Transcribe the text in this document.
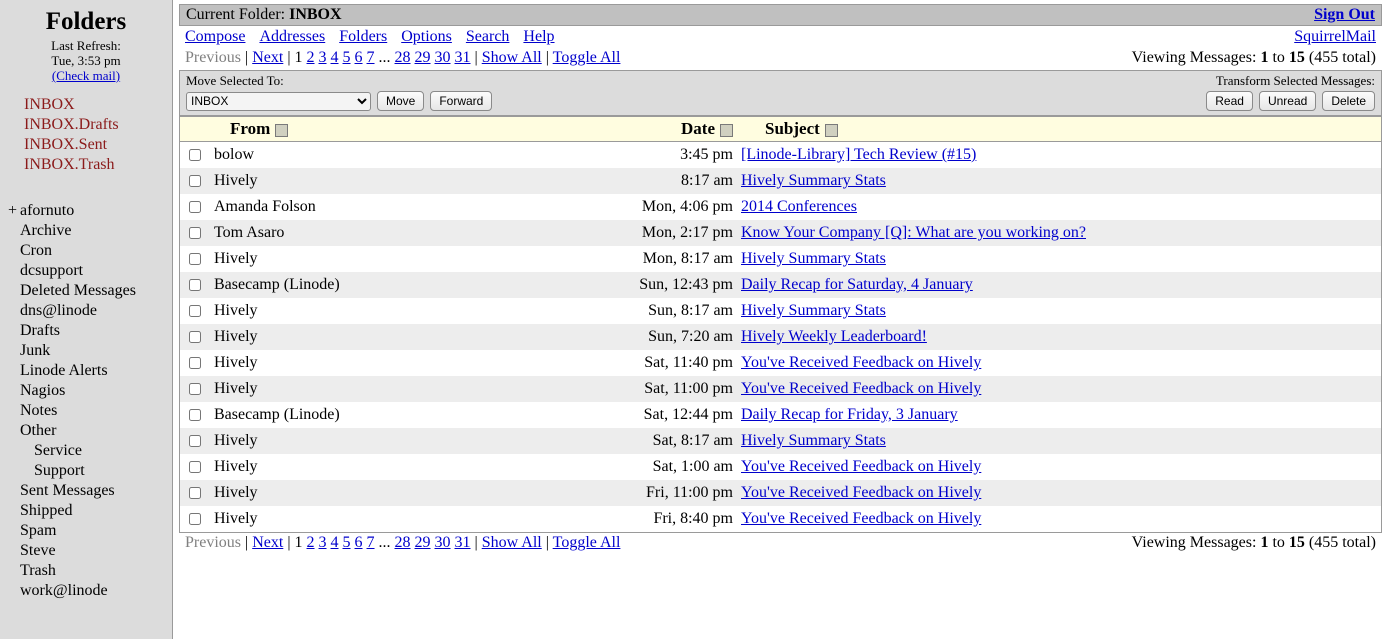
Folders
Last Refresh:
Tue, 3:53 pm
(Check mail)
INBOX
INBOX.Drafts
INBOX.Sent
INBOX.Trash
+ afornuto
Archive
Cron
dcsupport
Deleted Messages
dns@linode
Drafts
Junk
Linode Alerts
Nagios
Notes
Other
Service
Support
Sent Messages
Shipped
Spam
Steve
Trash
work@linode
Current Folder: INBOX	Sign Out
Compose Addresses Folders Options Search Help	SquirrelMail
Previous | Next | 1 2 3 4 5 6 7 ... 28 29 30 31 | Show All | Toggle All	Viewing Messages: 1 to 15 (455 total)
Move Selected To:
INBOX
Move	Forward
Transform Selected Messages:
Read	Unread	Delete
	From	Date	Subject
	bolow	3:45 pm	[Linode-Library] Tech Review (#15)
	Hively	8:17 am	Hively Summary Stats
	Amanda Folson	Mon, 4:06 pm	2014 Conferences
	Tom Asaro	Mon, 2:17 pm	Know Your Company [Q]: What are you working on?
	Hively	Mon, 8:17 am	Hively Summary Stats
	Basecamp (Linode)	Sun, 12:43 pm	Daily Recap for Saturday, 4 January
	Hively	Sun, 8:17 am	Hively Summary Stats
	Hively	Sun, 7:20 am	Hively Weekly Leaderboard!
	Hively	Sat, 11:40 pm	You've Received Feedback on Hively
	Hively	Sat, 11:00 pm	You've Received Feedback on Hively
	Basecamp (Linode)	Sat, 12:44 pm	Daily Recap for Friday, 3 January
	Hively	Sat, 8:17 am	Hively Summary Stats
	Hively	Sat, 1:00 am	You've Received Feedback on Hively
	Hively	Fri, 11:00 pm	You've Received Feedback on Hively
	Hively	Fri, 8:40 pm	You've Received Feedback on Hively
Previous | Next | 1 2 3 4 5 6 7 ... 28 29 30 31 | Show All | Toggle All	Viewing Messages: 1 to 15 (455 total)
